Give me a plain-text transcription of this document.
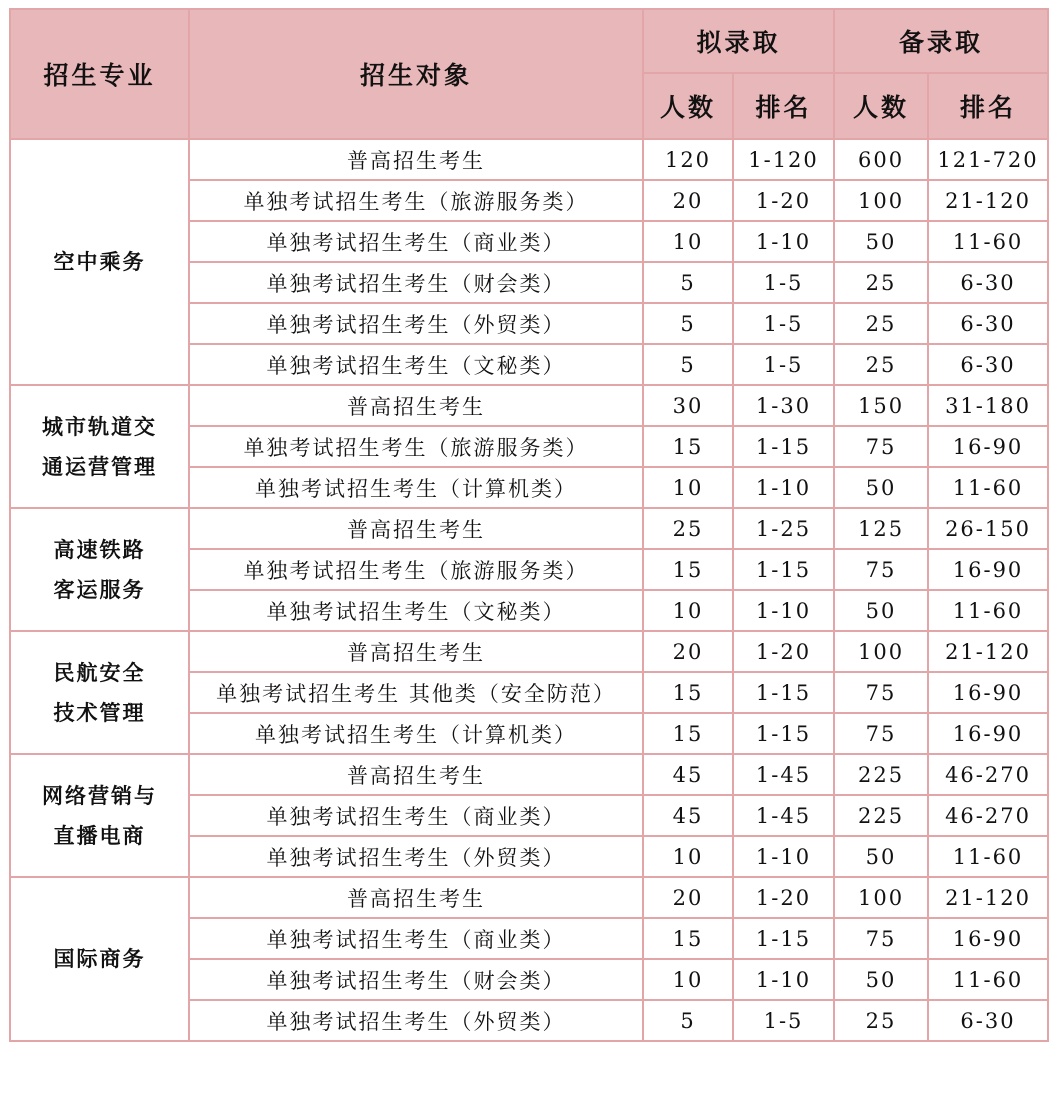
招生专业	招生对象	拟录取		备录取	
		人数	排名	人数	排名

空中乘务	普高招生考生	120	1-120	600	121-720
	单独考试招生考生（旅游服务类）	20	1-20	100	21-120
	单独考试招生考生（商业类）	10	1-10	50	11-60
	单独考试招生考生（财会类）	5	1-5	25	6-30
	单独考试招生考生（外贸类）	5	1-5	25	6-30
	单独考试招生考生（文秘类）	5	1-5	25	6-30

城市轨道交
通运营管理	普高招生考生	30	1-30	150	31-180
	单独考试招生考生（旅游服务类）	15	1-15	75	16-90
	单独考试招生考生（计算机类）	10	1-10	50	11-60

高速铁路
客运服务	普高招生考生	25	1-25	125	26-150
	单独考试招生考生（旅游服务类）	15	1-15	75	16-90
	单独考试招生考生（文秘类）	10	1-10	50	11-60

民航安全
技术管理	普高招生考生	20	1-20	100	21-120
	单独考试招生考生 其他类（安全防范）	15	1-15	75	16-90
	单独考试招生考生（计算机类）	15	1-15	75	16-90

网络营销与
直播电商	普高招生考生	45	1-45	225	46-270
	单独考试招生考生（商业类）	45	1-45	225	46-270
	单独考试招生考生（外贸类）	10	1-10	50	11-60

国际商务	普高招生考生	20	1-20	100	21-120
	单独考试招生考生（商业类）	15	1-15	75	16-90
	单独考试招生考生（财会类）	10	1-10	50	11-60
	单独考试招生考生（外贸类）	5	1-5	25	6-30
